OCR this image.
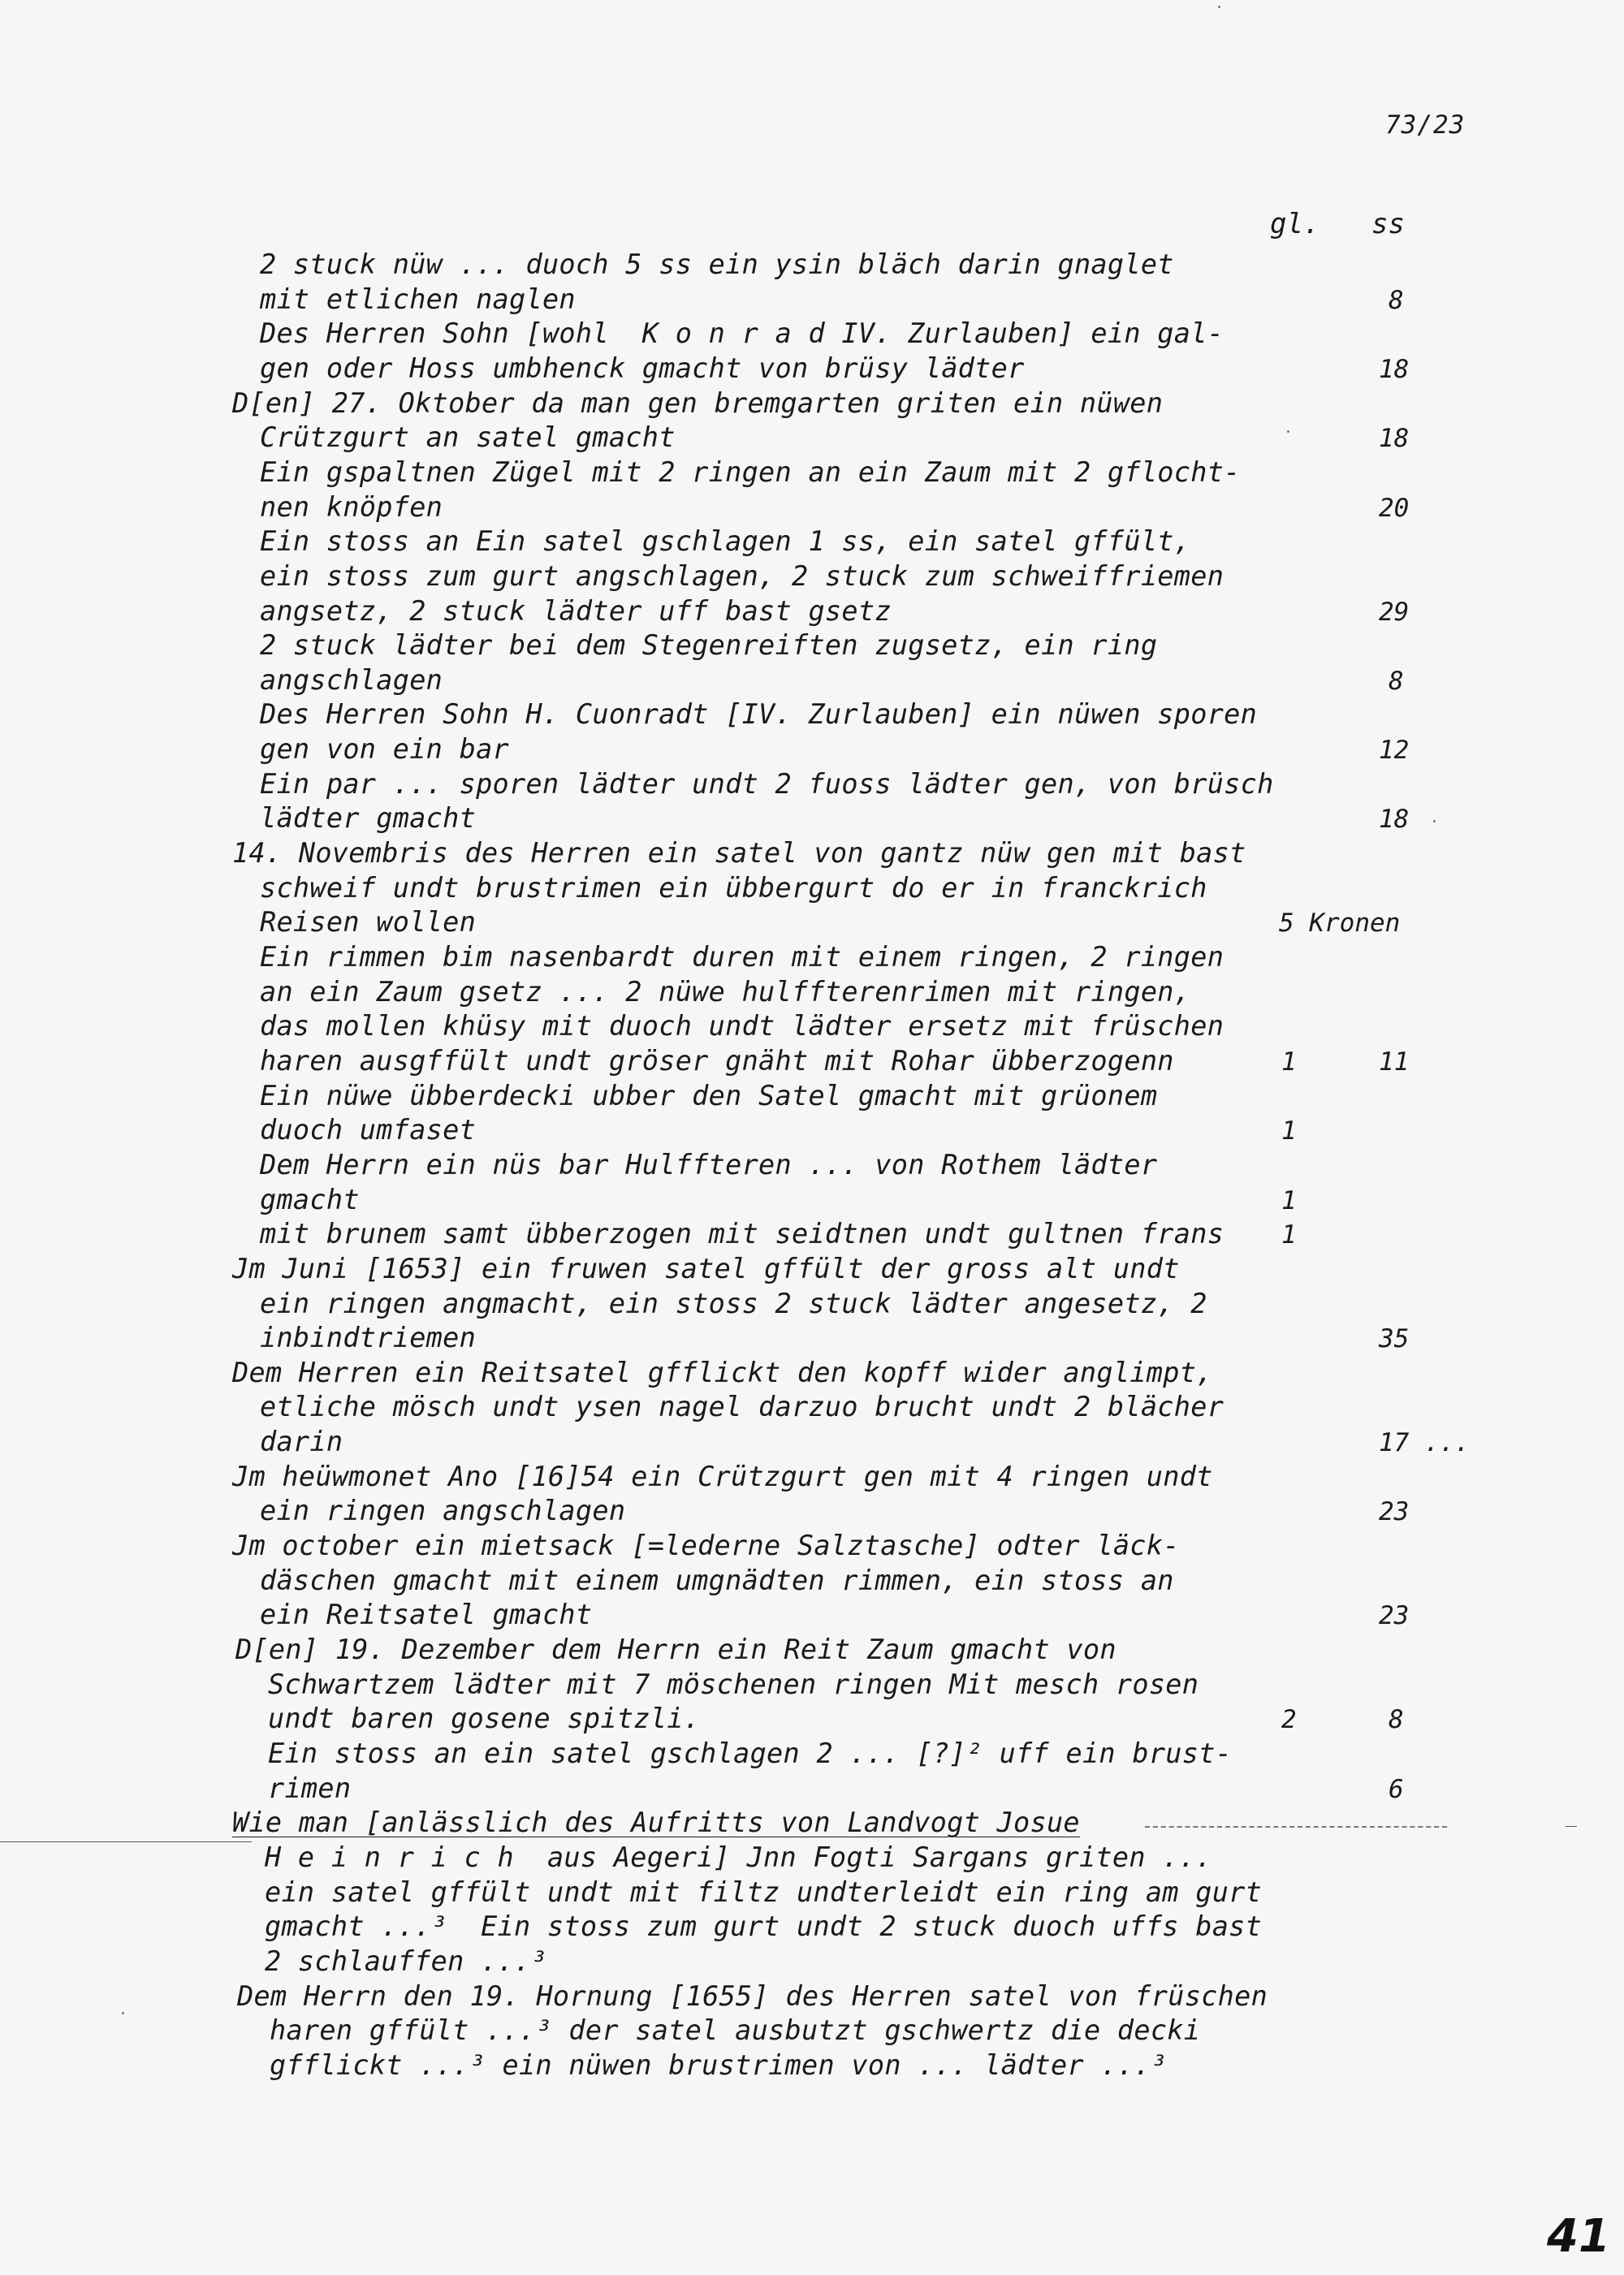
73/23
gl. ss
2 stuck nüw ... duoch 5 ss ein ysin bläch darin gnaglet
mit etlichen naglen
Des Herren Sohn [wohl  K o n r a d IV. Zurlauben] ein gal-
gen oder Hoss umbhenck gmacht von brüsy lädter
D[en] 27. Oktober da man gen bremgarten griten ein nüwen
Crützgurt an satel gmacht
Ein gspaltnen Zügel mit 2 ringen an ein Zaum mit 2 gflocht-
nen knöpfen
Ein stoss an Ein satel gschlagen 1 ss, ein satel gffült,
ein stoss zum gurt angschlagen, 2 stuck zum schweiffriemen
angsetz, 2 stuck lädter uff bast gsetz
2 stuck lädter bei dem Stegenreiften zugsetz, ein ring
angschlagen
Des Herren Sohn H. Cuonradt [IV. Zurlauben] ein nüwen sporen
gen von ein bar
Ein par ... sporen lädter undt 2 fuoss lädter gen, von brüsch
lädter gmacht
14. Novembris des Herren ein satel von gantz nüw gen mit bast
schweif undt brustrimen ein übbergurt do er in franckrich
Reisen wollen
Ein rimmen bim nasenbardt duren mit einem ringen, 2 ringen
an ein Zaum gsetz ... 2 nüwe hulffterenrimen mit ringen,
das mollen khüsy mit duoch undt lädter ersetz mit früschen
haren ausgffült undt gröser gnäht mit Rohar übberzogenn
Ein nüwe übberdecki ubber den Satel gmacht mit grüonem
duoch umfaset
Dem Herrn ein nüs bar Hulffteren ... von Rothem lädter
gmacht
mit brunem samt übberzogen mit seidtnen undt gultnen frans
Jm Juni [1653] ein fruwen satel gffült der gross alt undt
ein ringen angmacht, ein stoss 2 stuck lädter angesetz, 2
inbindtriemen
Dem Herren ein Reitsatel gfflickt den kopff wider anglimpt,
etliche mösch undt ysen nagel darzuo brucht undt 2 blächer
darin
Jm heüwmonet Ano [16]54 ein Crützgurt gen mit 4 ringen undt
ein ringen angschlagen
Jm october ein mietsack [=lederne Salztasche] odter läck-
däschen gmacht mit einem umgnädten rimmen, ein stoss an
ein Reitsatel gmacht
D[en] 19. Dezember dem Herrn ein Reit Zaum gmacht von
Schwartzem lädter mit 7 möschenen ringen Mit mesch rosen
undt baren gosene spitzli.
Ein stoss an ein satel gschlagen 2 ... [?]² uff ein brust-
rimen
Wie man [anlässlich des Aufritts von Landvogt Josue
H e i n r i c h  aus Aegeri] Jnn Fogti Sargans griten ...
ein satel gffült undt mit filtz undterleidt ein ring am gurt
gmacht ...³  Ein stoss zum gurt undt 2 stuck duoch uffs bast
2 schlauffen ...³
Dem Herrn den 19. Hornung [1655] des Herren satel von früschen
haren gffült ...³ der satel ausbutzt gschwertz die decki
gfflickt ...³ ein nüwen brustrimen von ... lädter ...³
8
18
18
20
29
8
12
18
5 Kronen
1	11
1
1
1
35
17 ...
23
23
2	8
6
41
